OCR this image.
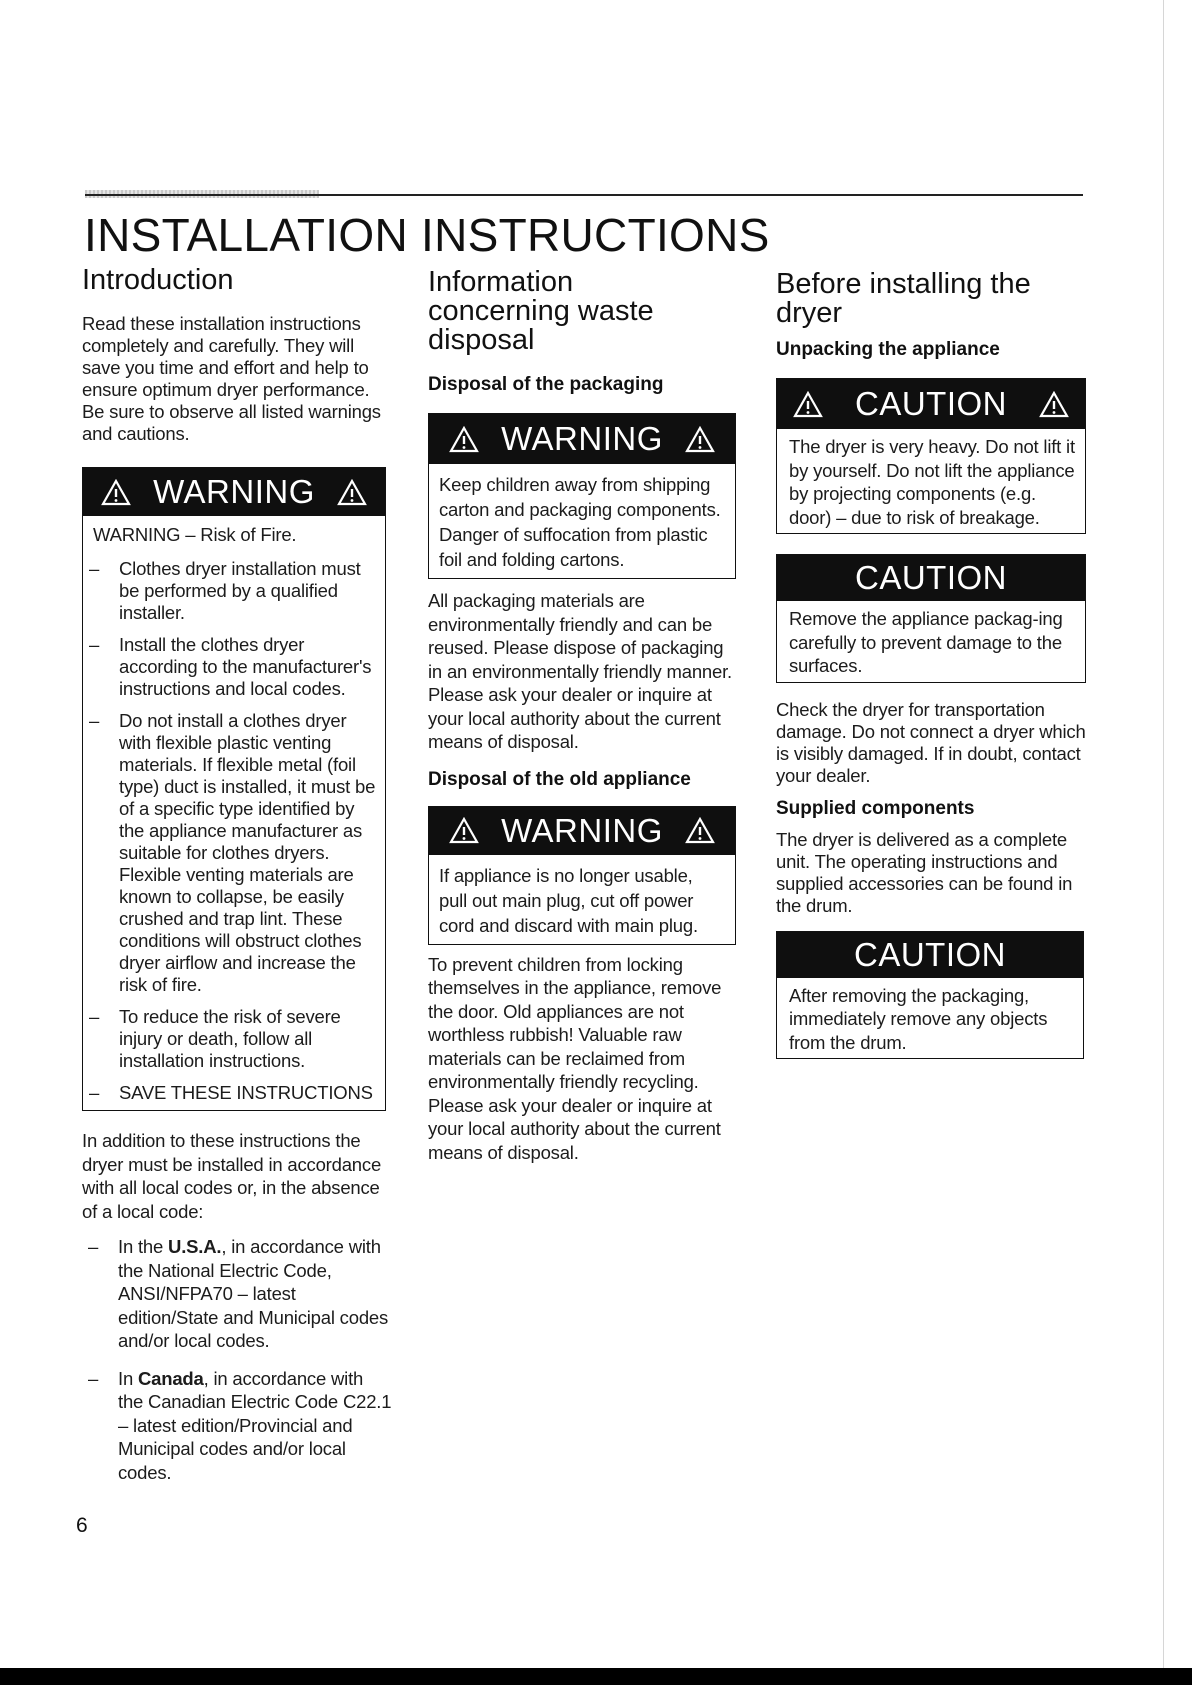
INSTALLATION INSTRUCTIONS
Introduction

Read these installation instructions completely and carefully. They will save you time and effort and help to ensure optimum dryer performance. Be sure to observe all listed warnings and cautions.

WARNING

WARNING – Risk of Fire.

– Clothes dryer installation must be performed by a qualified installer.
– Install the clothes dryer according to the manufacturer's instructions and local codes.
– Do not install a clothes dryer with flexible plastic venting materials. If flexible metal (foil type) duct is installed, it must be of a specific type identified by the appliance manufacturer as suitable for clothes dryers. Flexible venting materials are known to collapse, be easily crushed and trap lint. These conditions will obstruct clothes dryer airflow and increase the risk of fire.
– To reduce the risk of severe injury or death, follow all installation instructions.
– SAVE THESE INSTRUCTIONS

In addition to these instructions the dryer must be installed in accordance with all local codes or, in the absence of a local code:

– In the U.S.A., in accordance with the National Electric Code, ANSI/NFPA70 – latest edition/State and Municipal codes and/or local codes.
– In Canada, in accordance with the Canadian Electric Code C22.1 – latest edition/Provincial and Municipal codes and/or local codes.
Information concerning waste disposal
Disposal of the packaging
WARNING

Keep children away from shipping carton and packaging components. Danger of suffocation from plastic foil and folding cartons.

All packaging materials are environmentally friendly and can be reused. Please dispose of packaging in an environmentally friendly manner. Please ask your dealer or inquire at your local authority about the current means of disposal.

Disposal of the old appliance
WARNING

If appliance is no longer usable, pull out main plug, cut off power cord and discard with main plug.

To prevent children from locking themselves in the appliance, remove the door. Old appliances are not worthless rubbish! Valuable raw materials can be reclaimed from environmentally friendly recycling. Please ask your dealer or inquire at your local authority about the current means of disposal.

Before installing the dryer
Unpacking the appliance
CAUTION

The dryer is very heavy. Do not lift it by yourself. Do not lift the appliance by projecting components (e.g. door) – due to risk of breakage.

CAUTION

Remove the appliance packag-ing carefully to prevent damage to the surfaces.

Check the dryer for transportation damage. Do not connect a dryer which is visibly damaged. If in doubt, contact your dealer.

Supplied components

The dryer is delivered as a complete unit. The operating instructions and supplied accessories can be found in the drum.

CAUTION

After removing the packaging, immediately remove any objects from the drum.

6
